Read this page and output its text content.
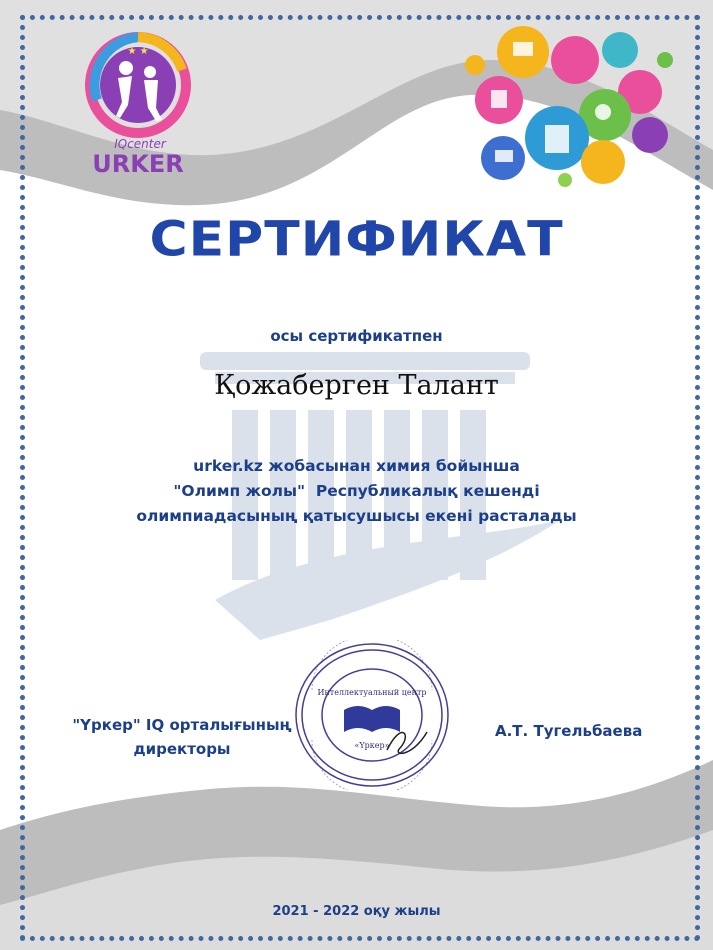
★ ★
IQcenter
URKER
СЕРТИФИКАТ
осы сертификатпен
Қожаберген Талант
urker.kz жобасынан химия бойынша
"Олимп жолы"  Республикалық кешенді
олимпиадасының қатысушысы екені расталады
"Үркер" IQ орталығының
директоры
Интеллектуальный центр
«Үркер»
А.Т. Тугельбаева
2021 - 2022 оқу жылы
